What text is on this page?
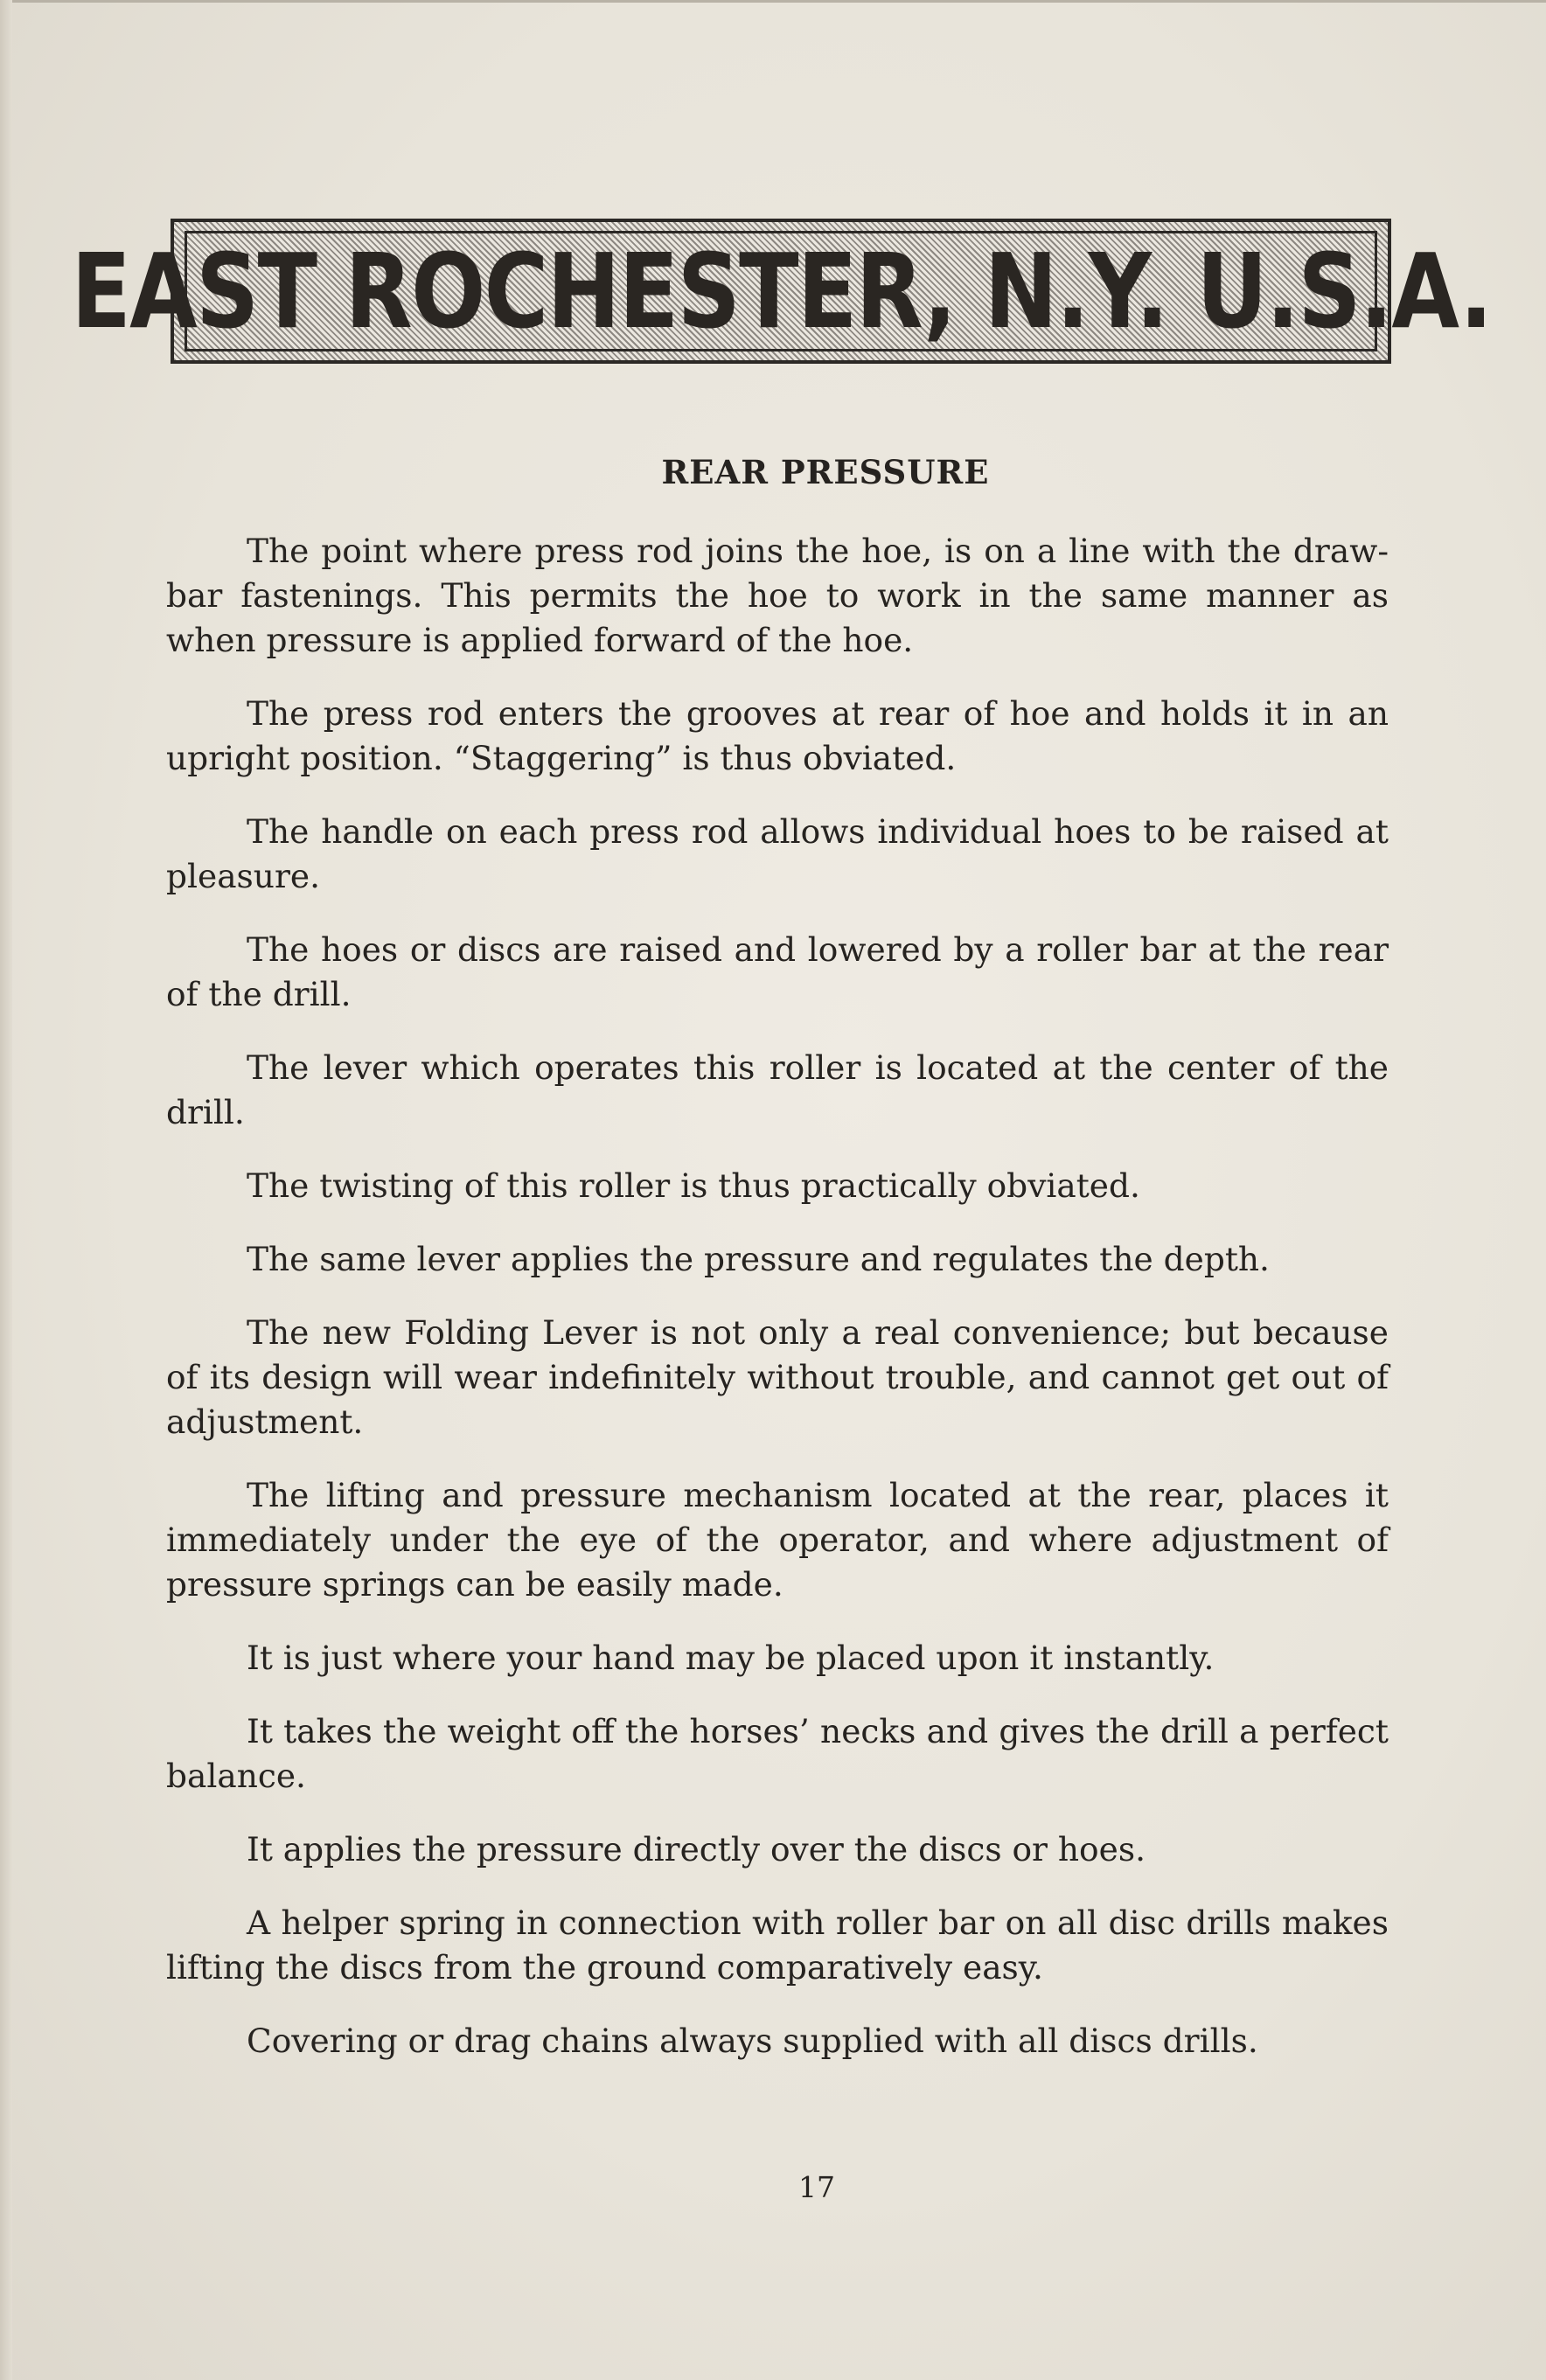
EAST ROCHESTER, N.Y. U.S.A.
REAR PRESSURE

The point where press rod joins the hoe, is on a line with the draw-bar fastenings. This permits the hoe to work in the same manner as when pressure is applied forward of the hoe.

The press rod enters the grooves at rear of hoe and holds it in an upright position. “Staggering” is thus obviated.

The handle on each press rod allows individual hoes to be raised at pleasure.

The hoes or discs are raised and lowered by a roller bar at the rear of the drill.

The lever which operates this roller is located at the center of the drill.

The twisting of this roller is thus practically obviated.

The same lever applies the pressure and regulates the depth.

The new Folding Lever is not only a real convenience; but because of its design will wear indefinitely without trouble, and cannot get out of adjustment.

The lifting and pressure mechanism located at the rear, places it immediately under the eye of the operator, and where adjustment of pressure springs can be easily made.

It is just where your hand may be placed upon it instantly.

It takes the weight off the horses’ necks and gives the drill a perfect balance.

It applies the pressure directly over the discs or hoes.

A helper spring in connection with roller bar on all disc drills makes lifting the discs from the ground comparatively easy.

Covering or drag chains always supplied with all discs drills.

17
